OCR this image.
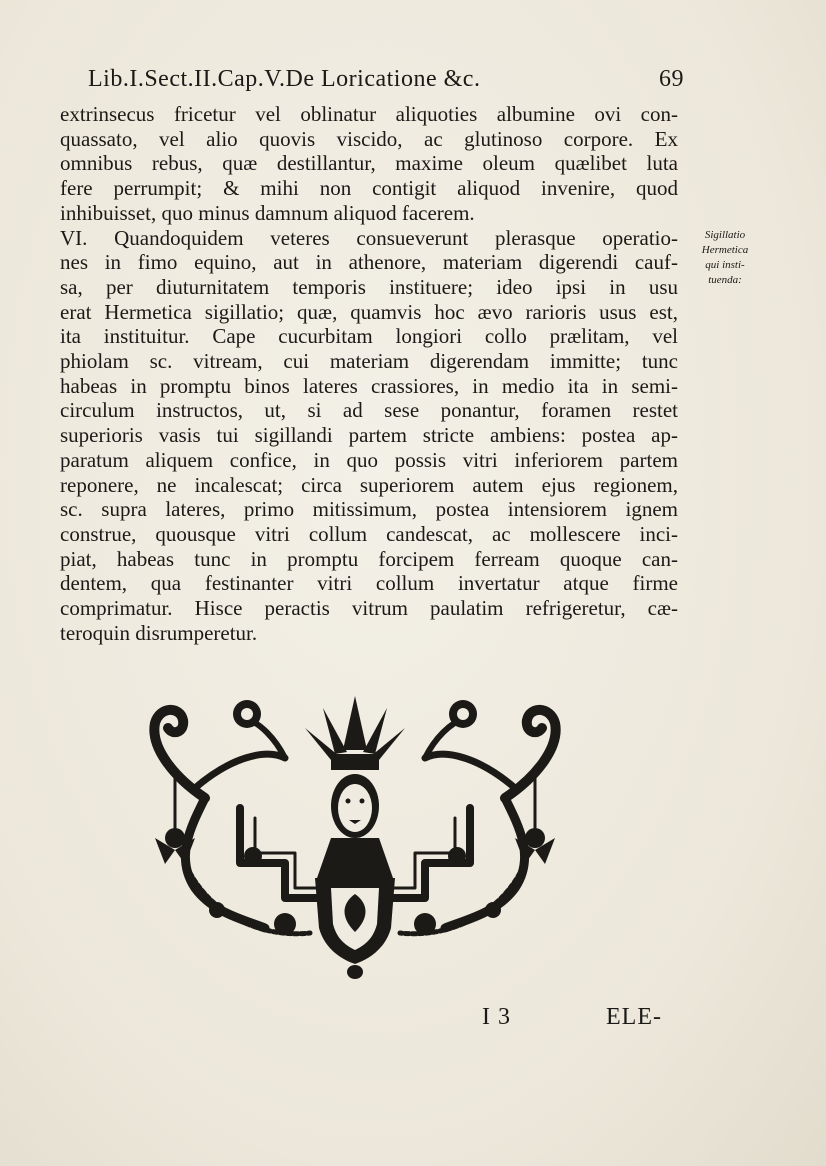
Lib.I.Sect.II.Cap.V.De Loricatione &c.	69
extrinsecus fricetur vel oblinatur aliquoties albumine ovi con-
quassato, vel alio quovis viscido, ac glutinoso corpore. Ex
omnibus rebus, quæ destillantur, maxime oleum quælibet luta
fere perrumpit; & mihi non contigit aliquod invenire, quod
inhibuisset, quo minus damnum aliquod facerem.
VI. Quandoquidem veteres consueverunt plerasque operatio-
nes in fimo equino, aut in athenore, materiam digerendi cauf-
sa, per diuturnitatem temporis instituere; ideo ipsi in usu
erat Hermetica sigillatio; quæ, quamvis hoc ævo rarioris usus est,
ita instituitur. Cape cucurbitam longiori collo prælitam, vel
phiolam sc. vitream, cui materiam digerendam immitte; tunc
habeas in promptu binos lateres crassiores, in medio ita in semi-
circulum instructos, ut, si ad sese ponantur, foramen restet
superioris vasis tui sigillandi partem stricte ambiens: postea ap-
paratum aliquem confice, in quo possis vitri inferiorem partem
reponere, ne incalescat; circa superiorem autem ejus regionem,
sc. supra lateres, primo mitissimum, postea intensiorem ignem
construe, quousque vitri collum candescat, ac mollescere inci-
piat, habeas tunc in promptu forcipem ferream quoque can-
dentem, qua festinanter vitri collum invertatur atque firme
comprimatur. Hisce peractis vitrum paulatim refrigeretur, cæ-
teroquin disrumperetur.
Sigillatio
Hermetica
qui insti-
tuenda:
I 3	ELE-
